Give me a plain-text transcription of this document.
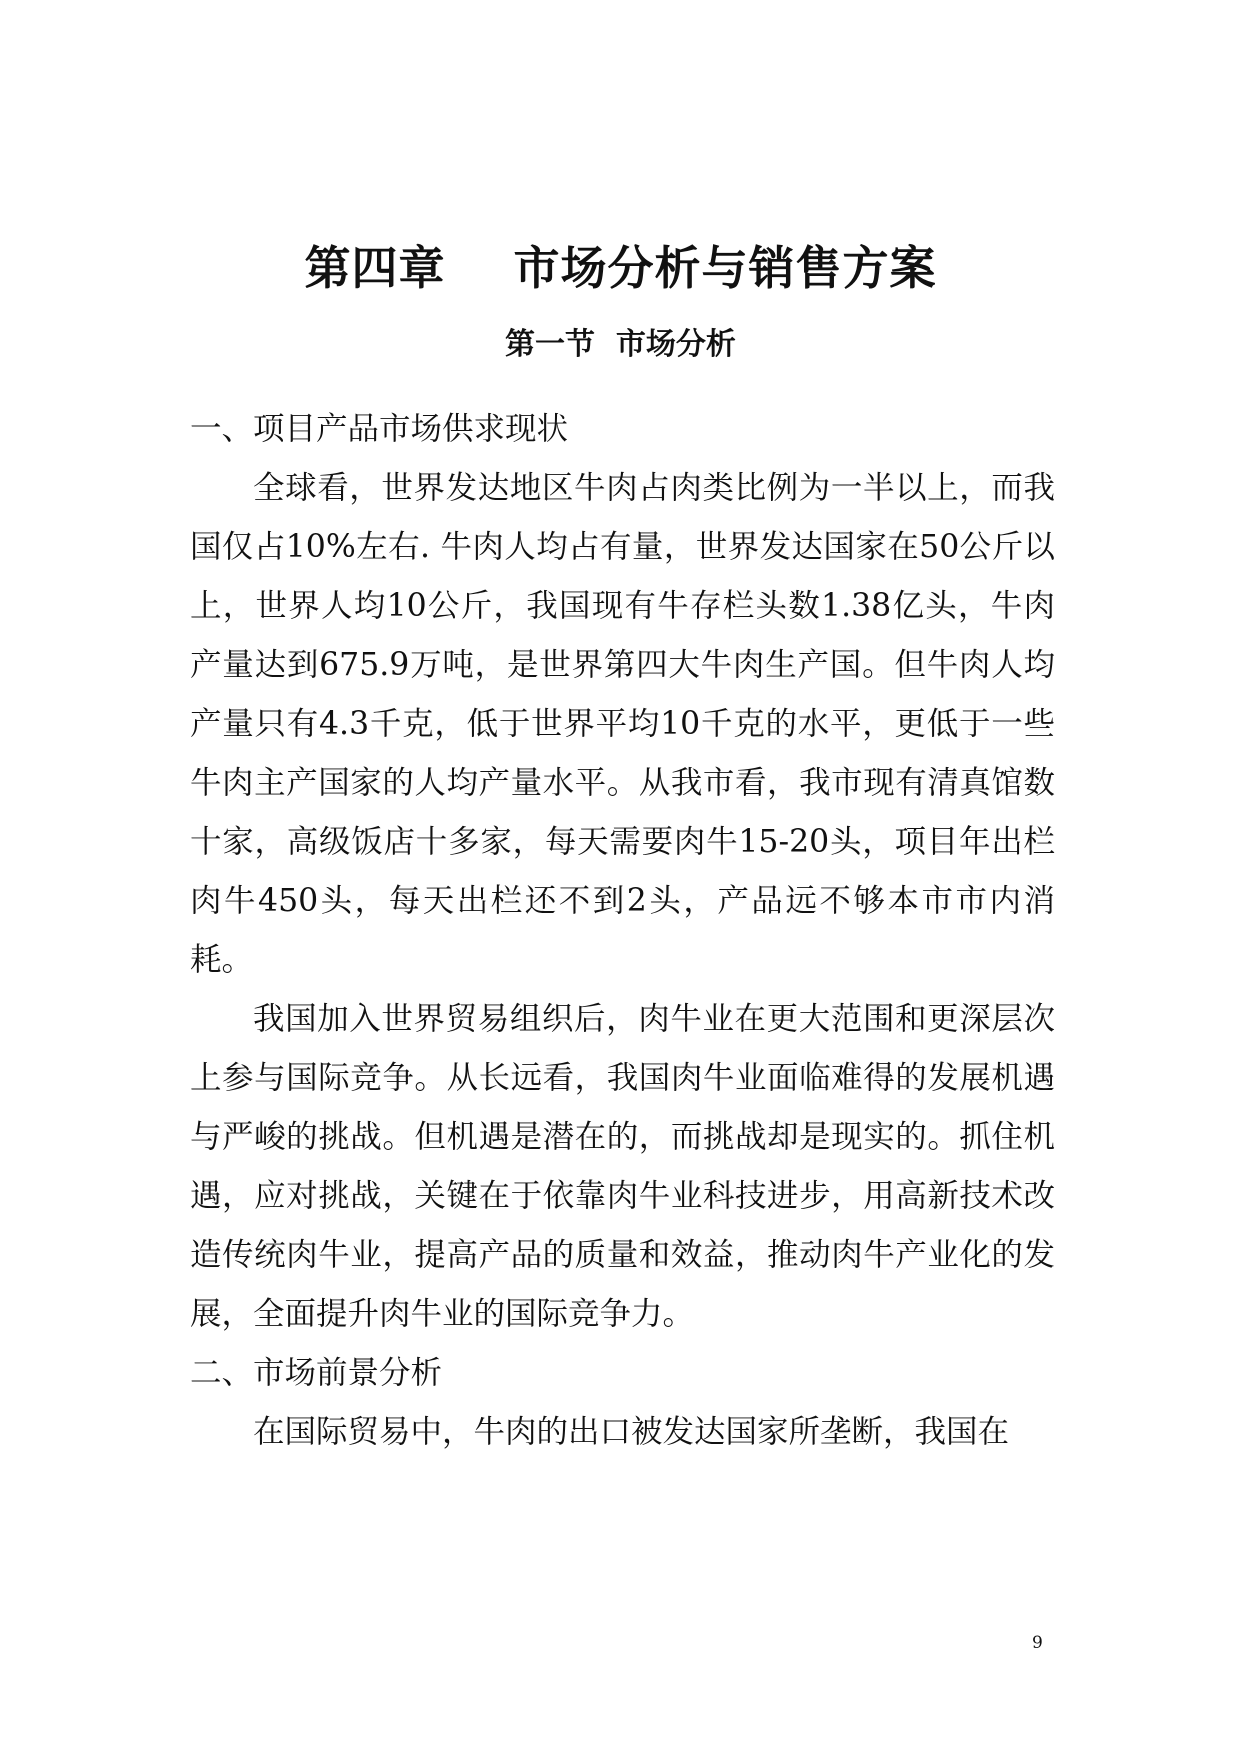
第四章    市场分析与销售方案
第一节  市场分析

一、项目产品市场供求现状

全球看，世界发达地区牛肉占肉类比例为一半以上，而我国仅占10%左右. 牛肉人均占有量，世界发达国家在50公斤以上，世界人均10公斤，我国现有牛存栏头数1.38亿头，牛肉产量达到675.9万吨，是世界第四大牛肉生产国。但牛肉人均产量只有4.3千克，低于世界平均10千克的水平，更低于一些牛肉主产国家的人均产量水平。从我市看，我市现有清真馆数十家，高级饭店十多家，每天需要肉牛15-20头，项目年出栏肉牛450头，每天出栏还不到2头，产品远不够本市市内消耗。

我国加入世界贸易组织后，肉牛业在更大范围和更深层次上参与国际竞争。从长远看，我国肉牛业面临难得的发展机遇与严峻的挑战。但机遇是潜在的，而挑战却是现实的。抓住机遇，应对挑战，关键在于依靠肉牛业科技进步，用高新技术改造传统肉牛业，提高产品的质量和效益，推动肉牛产业化的发展，全面提升肉牛业的国际竞争力。

二、市场前景分析

在国际贸易中，牛肉的出口被发达国家所垄断，我国在

9
